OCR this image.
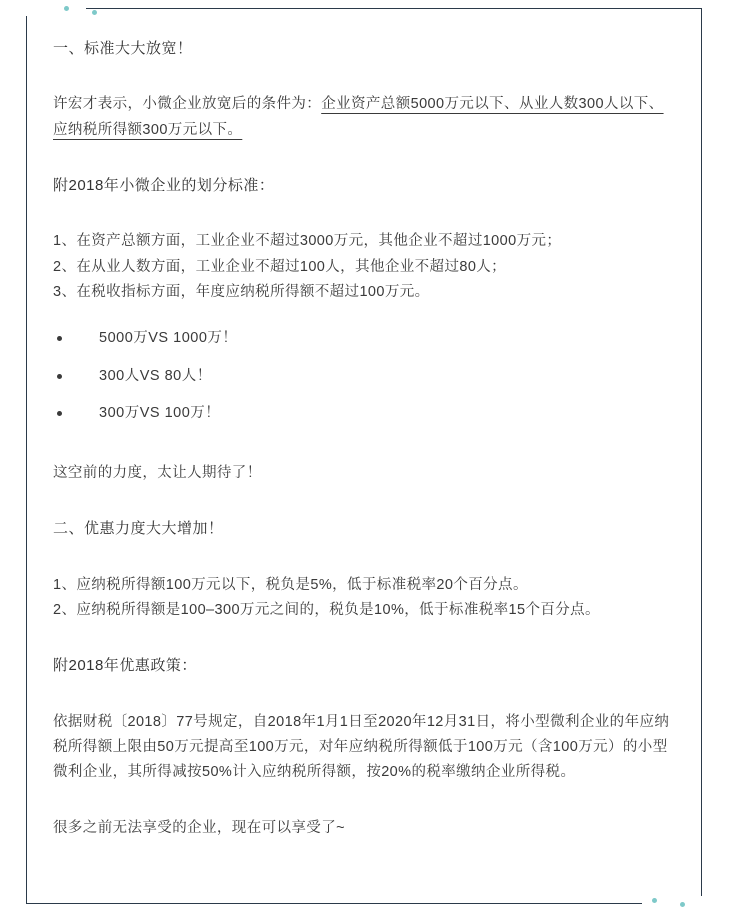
一、标准大大放宽！

许宏才表示，小微企业放宽后的条件为：企业资产总额5000万元以下、从业人数300人以下、应纳税所得额300万元以下。

附2018年小微企业的划分标准：

1、在资产总额方面，工业企业不超过3000万元，其他企业不超过1000万元；

2、在从业人数方面，工业企业不超过100人，其他企业不超过80人；

3、在税收指标方面，年度应纳税所得额不超过100万元。

5000万VS 1000万！
300人VS 80人！
300万VS 100万！

这空前的力度，太让人期待了！

二、优惠力度大大增加！

1、应纳税所得额100万元以下，税负是5%，低于标准税率20个百分点。

2、应纳税所得额是100–300万元之间的，税负是10%，低于标准税率15个百分点。

附2018年优惠政策：

依据财税〔2018〕77号规定，自2018年1月1日至2020年12月31日，将小型微利企业的年应纳税所得额上限由50万元提高至100万元，对年应纳税所得额低于100万元（含100万元）的小型微利企业，其所得减按50%计入应纳税所得额，按20%的税率缴纳企业所得税。

很多之前无法享受的企业，现在可以享受了~
